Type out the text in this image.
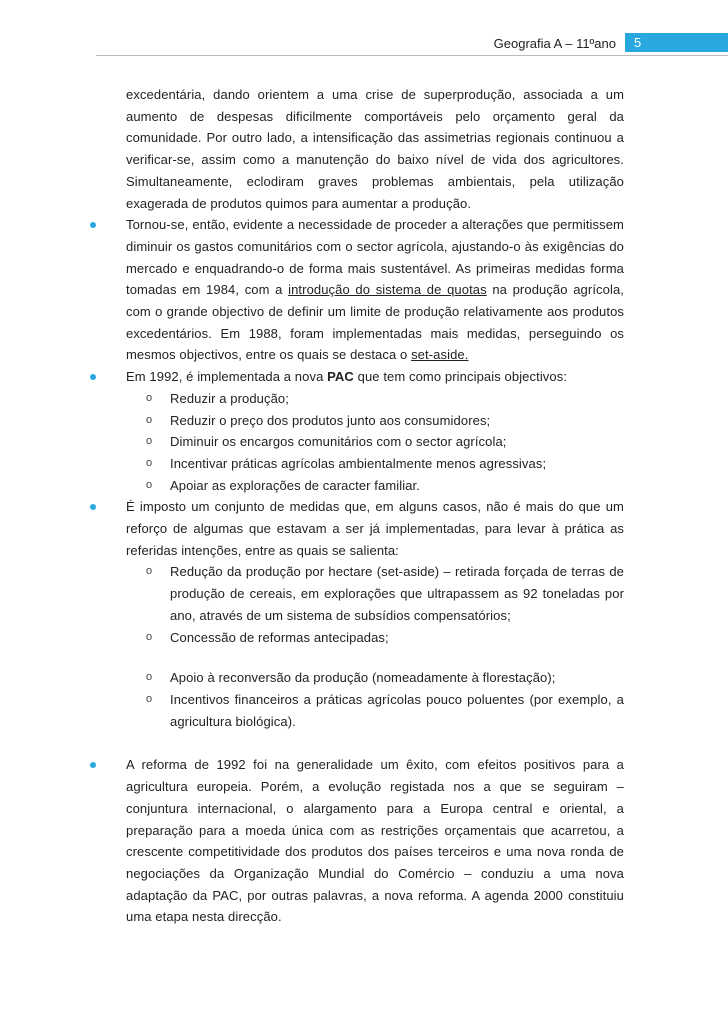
Geografia A – 11ºano	5

excedentária, dando orientem a uma crise de superprodução, associada a um aumento de despesas dificilmente comportáveis pelo orçamento geral da comunidade. Por outro lado, a intensificação das assimetrias regionais continuou a verificar-se, assim como a manutenção do baixo nível de vida dos agricultores. Simultaneamente, eclodiram graves problemas ambientais, pela utilização exagerada de produtos quimos para aumentar a produção.

Tornou-se, então, evidente a necessidade de proceder a alterações que permitissem diminuir os gastos comunitários com o sector agrícola, ajustando-o às exigências do mercado e enquadrando-o de forma mais sustentável. As primeiras medidas forma tomadas em 1984, com a introdução do sistema de quotas na produção agrícola, com o grande objectivo de definir um limite de produção relativamente aos produtos excedentários. Em 1988, foram implementadas mais medidas, perseguindo os mesmos objectivos, entre os quais se destaca o set-aside.

Em 1992, é implementada a nova PAC que tem como principais objectivos:

o Reduzir a produção;
o Reduzir o preço dos produtos junto aos consumidores;
o Diminuir os encargos comunitários com o sector agrícola;
o Incentivar práticas agrícolas ambientalmente menos agressivas;
o Apoiar as explorações de caracter familiar.

É imposto um conjunto de medidas que, em alguns casos, não é mais do que um reforço de algumas que estavam a ser já implementadas, para levar à prática as referidas intenções, entre as quais se salienta:

o Redução da produção por hectare (set-aside) – retirada forçada de terras de produção de cereais, em explorações que ultrapassem as 92 toneladas por ano, através de um sistema de subsídios compensatórios;
o Concessão de reformas antecipadas;
o Apoio à reconversão da produção (nomeadamente à florestação);
o Incentivos financeiros a práticas agrícolas pouco poluentes (por exemplo, a agricultura biológica).

A reforma de 1992 foi na generalidade um êxito, com efeitos positivos para a agricultura europeia. Porém, a evolução registada nos a que se seguiram – conjuntura internacional, o alargamento para a Europa central e oriental, a preparação para a moeda única com as restrições orçamentais que acarretou, a crescente competitividade dos produtos dos países terceiros e uma nova ronda de negociações da Organização Mundial do Comércio – conduziu a uma nova adaptação da PAC, por outras palavras, a nova reforma. A agenda 2000 constituiu uma etapa nesta direcção.
